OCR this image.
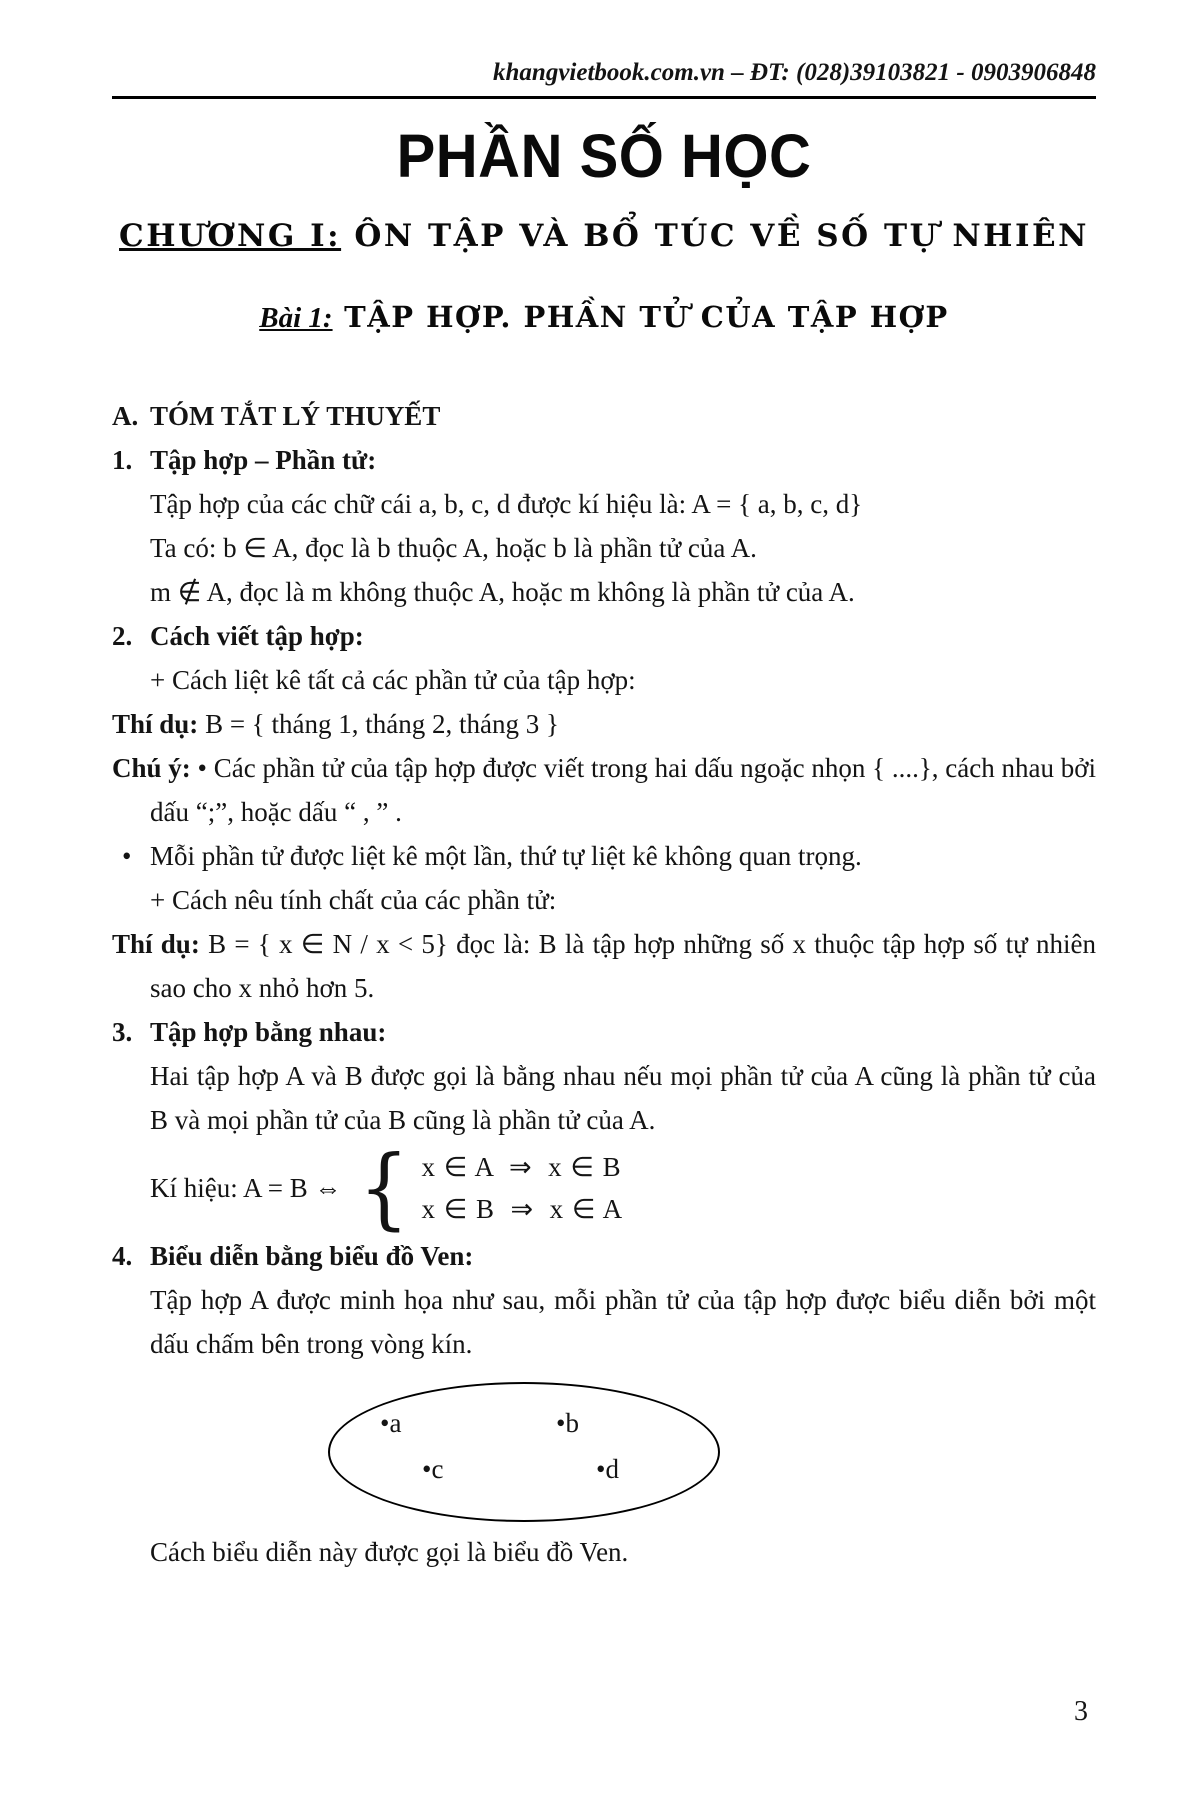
khangvietbook.com.vn – ĐT: (028)39103821 - 0903906848
PHẦN SỐ HỌC
CHƯƠNG I: ÔN TẬP VÀ BỔ TÚC VỀ SỐ TỰ NHIÊN
Bài 1: TẬP HỢP. PHẦN TỬ CỦA TẬP HỢP
A. TÓM TẮT LÝ THUYẾT
1. Tập hợp – Phần tử:
Tập hợp của các chữ cái a, b, c, d được kí hiệu là: A = { a, b, c, d}
Ta có: b ∈ A, đọc là b thuộc A, hoặc b là phần tử của A.
m ∉ A, đọc là m không thuộc A, hoặc m không là phần tử của A.
2. Cách viết tập hợp:
+ Cách liệt kê tất cả các phần tử của tập hợp:
Thí dụ: B = { tháng 1, tháng 2, tháng 3 }
Chú ý: • Các phần tử của tập hợp được viết trong hai dấu ngoặc nhọn { ....}, cách nhau bởi dấu “;”, hoặc dấu “ , ” .
• Mỗi phần tử được liệt kê một lần, thứ tự liệt kê không quan trọng.
+ Cách nêu tính chất của các phần tử:
Thí dụ: B = { x ∈ N / x < 5} đọc là: B là tập hợp những số x thuộc tập hợp số tự nhiên sao cho x nhỏ hơn 5.
3. Tập hợp bằng nhau:
Hai tập hợp A và B được gọi là bằng nhau nếu mọi phần tử của A cũng là phần tử của B và mọi phần tử của B cũng là phần tử của A.
Kí hiệu: A = B ⇔ { x ∈ A  ⇒  x ∈ B
x ∈ B  ⇒  x ∈ A
4. Biểu diễn bằng biểu đồ Ven:
Tập hợp A được minh họa như sau, mỗi phần tử của tập hợp được biểu diễn bởi một dấu chấm bên trong vòng kín.
•a	•b
•c	•d
Cách biểu diễn này được gọi là biểu đồ Ven.
3
